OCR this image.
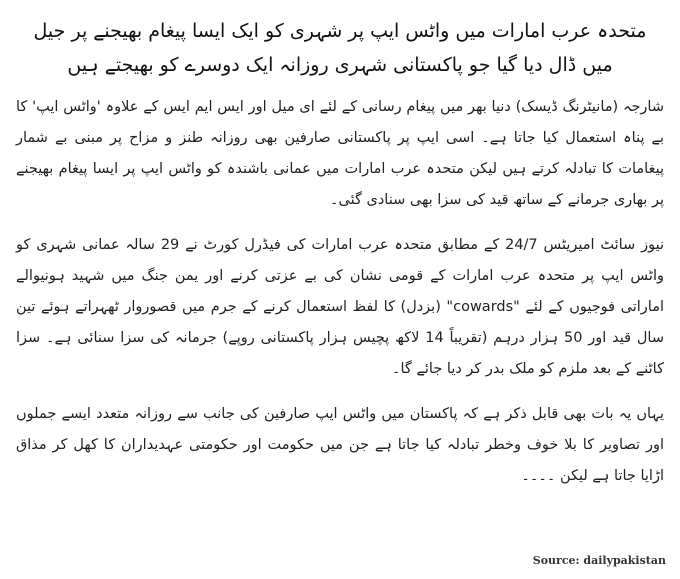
متحدہ عرب امارات میں واٹس ایپ پر شہری کو ایک ایسا پیغام بھیجنے پر جیل میں ڈال دیا گیا جو پاکستانی شہری روزانہ ایک دوسرے کو بھیجتے ہیں

شارجہ (مانیٹرنگ ڈیسک) دنیا بھر میں پیغام رسانی کے لئے ای میل اور ایس ایم ایس کے علاوہ 'واٹس ایپ' کا بے پناہ استعمال کیا جاتا ہے۔ اسی ایپ پر پاکستانی صارفین بھی روزانہ طنز و مزاح پر مبنی بے شمار پیغامات کا تبادلہ کرتے ہیں لیکن متحدہ عرب امارات میں عمانی باشندہ کو واٹس ایپ پر ایسا پیغام بھیجنے پر بھاری جرمانے کے ساتھ قید کی سزا بھی سنادی گئی۔

نیوز سائٹ امیریٹس 24/7 کے مطابق متحدہ عرب امارات کی فیڈرل کورٹ نے 29 سالہ عمانی شہری کو واٹس ایپ پر متحدہ عرب امارات کے قومی نشان کی بے عزتی کرنے اور یمن جنگ میں شہید ہونیوالے اماراتی فوجیوں کے لئے "cowards" (بزدل) کا لفظ استعمال کرنے کے جرم میں قصوروار ٹھہراتے ہوئے تین سال قید اور 50 ہزار درہم (تقریباً 14 لاکھ پچیس ہزار پاکستانی روپے) جرمانہ کی سزا سنائی ہے۔ سزا کاٹنے کے بعد ملزم کو ملک بدر کر دیا جائے گا۔

یہاں یہ بات بھی قابل ذکر ہے کہ پاکستان میں واٹس ایپ صارفین کی جانب سے روزانہ متعدد ایسے جملوں اور تصاویر کا بلا خوف وخطر تبادلہ کیا جاتا ہے جن میں حکومت اور حکومتی عہدیداران کا کھل کر مذاق اڑایا جاتا ہے لیکن ۔۔۔۔

Source: dailypakistan
